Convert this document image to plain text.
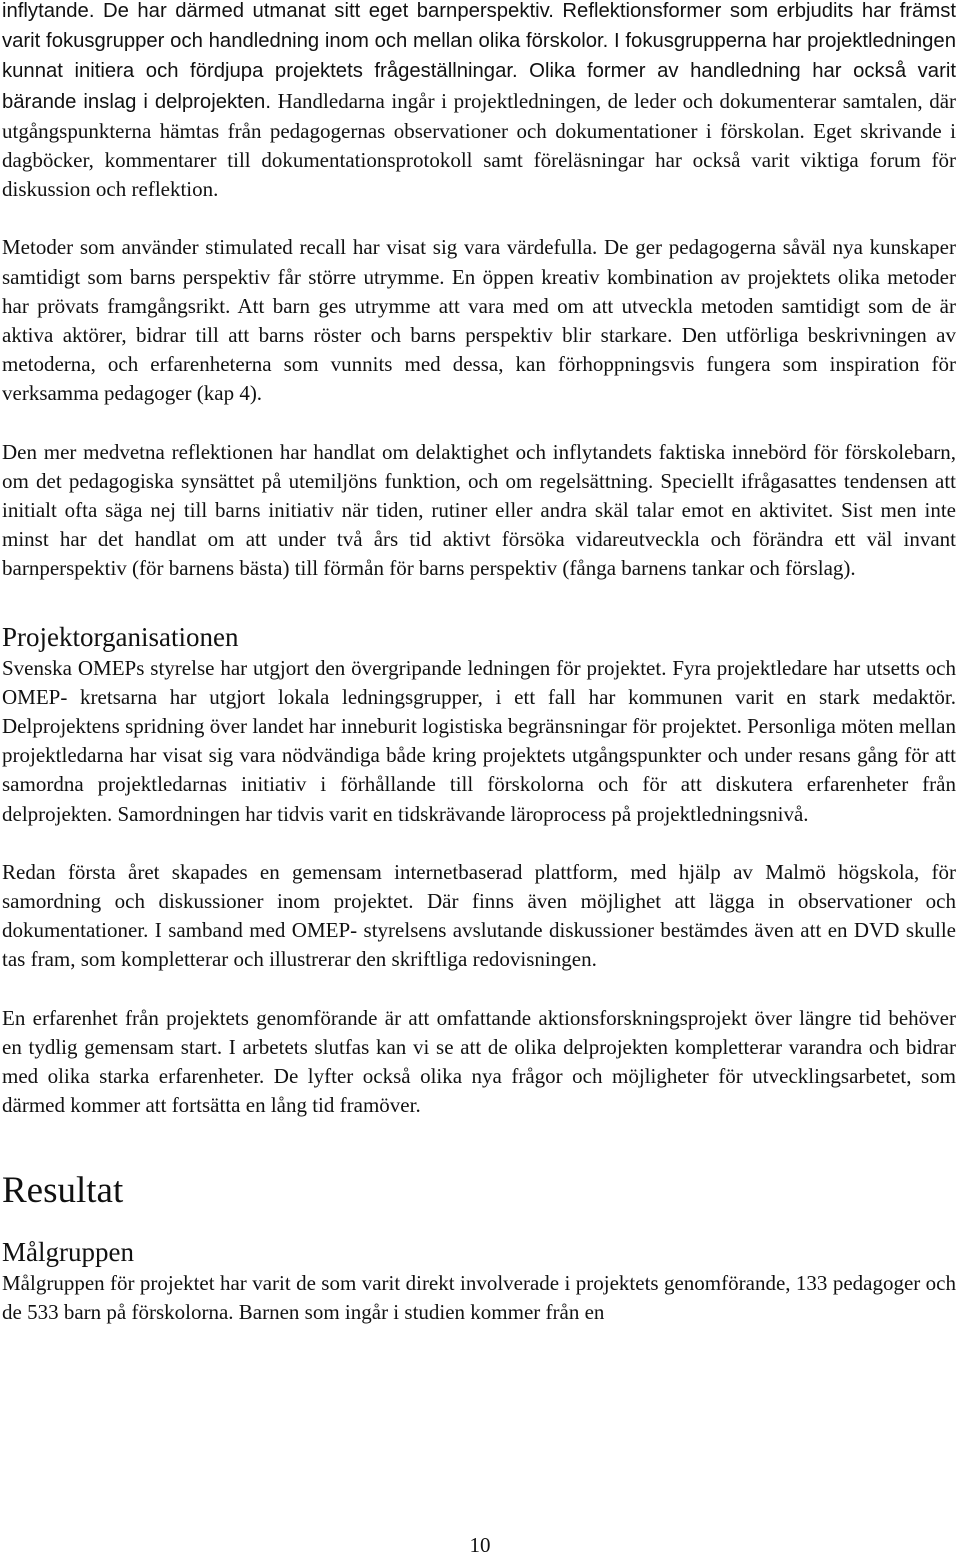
inflytande. De har därmed utmanat sitt eget barnperspektiv. Reflektionsformer som erbjudits har främst varit fokusgrupper och handledning inom och mellan olika förskolor. I fokusgrupperna har projektledningen kunnat initiera och fördjupa projektets frågeställningar. Olika former av handledning har också varit bärande inslag i delprojekten. Handledarna ingår i projektledningen, de leder och dokumenterar samtalen, där utgångspunkterna hämtas från pedagogernas observationer och dokumentationer i förskolan. Eget skrivande i dagböcker, kommentarer till dokumentationsprotokoll samt föreläsningar har också varit viktiga forum för diskussion och reflektion.

Metoder som använder stimulated recall har visat sig vara värdefulla. De ger pedagogerna såväl nya kunskaper samtidigt som barns perspektiv får större utrymme. En öppen kreativ kombination av projektets olika metoder har prövats framgångsrikt. Att barn ges utrymme att vara med om att utveckla metoden samtidigt som de är aktiva aktörer, bidrar till att barns röster och barns perspektiv blir starkare. Den utförliga beskrivningen av metoderna, och erfarenheterna som vunnits med dessa, kan förhoppningsvis fungera som inspiration för verksamma pedagoger (kap 4).

Den mer medvetna reflektionen har handlat om delaktighet och inflytandets faktiska innebörd för förskolebarn, om det pedagogiska synsättet på utemiljöns funktion, och om regelsättning. Speciellt ifrågasattes tendensen att initialt ofta säga nej till barns initiativ när tiden, rutiner eller andra skäl talar emot en aktivitet. Sist men inte minst har det handlat om att under två års tid aktivt försöka vidareutveckla och förändra ett väl invant barnperspektiv (för barnens bästa) till förmån för barns perspektiv (fånga barnens tankar och förslag).

Projektorganisationen

Svenska OMEPs styrelse har utgjort den övergripande ledningen för projektet. Fyra projektledare har utsetts och OMEP- kretsarna har utgjort lokala ledningsgrupper, i ett fall har kommunen varit en stark medaktör. Delprojektens spridning över landet har inneburit logistiska begränsningar för projektet. Personliga möten mellan projektledarna har visat sig vara nödvändiga både kring projektets utgångspunkter och under resans gång för att samordna projektledarnas initiativ i förhållande till förskolorna och för att diskutera erfarenheter från delprojekten. Samordningen har tidvis varit en tidskrävande läroprocess på projektledningsnivå.

Redan första året skapades en gemensam internetbaserad plattform, med hjälp av Malmö högskola, för samordning och diskussioner inom projektet. Där finns även möjlighet att lägga in observationer och dokumentationer. I samband med OMEP- styrelsens avslutande diskussioner bestämdes även att en DVD skulle tas fram, som kompletterar och illustrerar den skriftliga redovisningen.

En erfarenhet från projektets genomförande är att omfattande aktionsforskningsprojekt över längre tid behöver en tydlig gemensam start. I arbetets slutfas kan vi se att de olika delprojekten kompletterar varandra och bidrar med olika starka erfarenheter. De lyfter också olika nya frågor och möjligheter för utvecklingsarbetet, som därmed kommer att fortsätta en lång tid framöver.

Resultat
Målgruppen

Målgruppen för projektet har varit de som varit direkt involverade i projektets genomförande, 133 pedagoger och de 533 barn på förskolorna. Barnen som ingår i studien kommer från en

10
